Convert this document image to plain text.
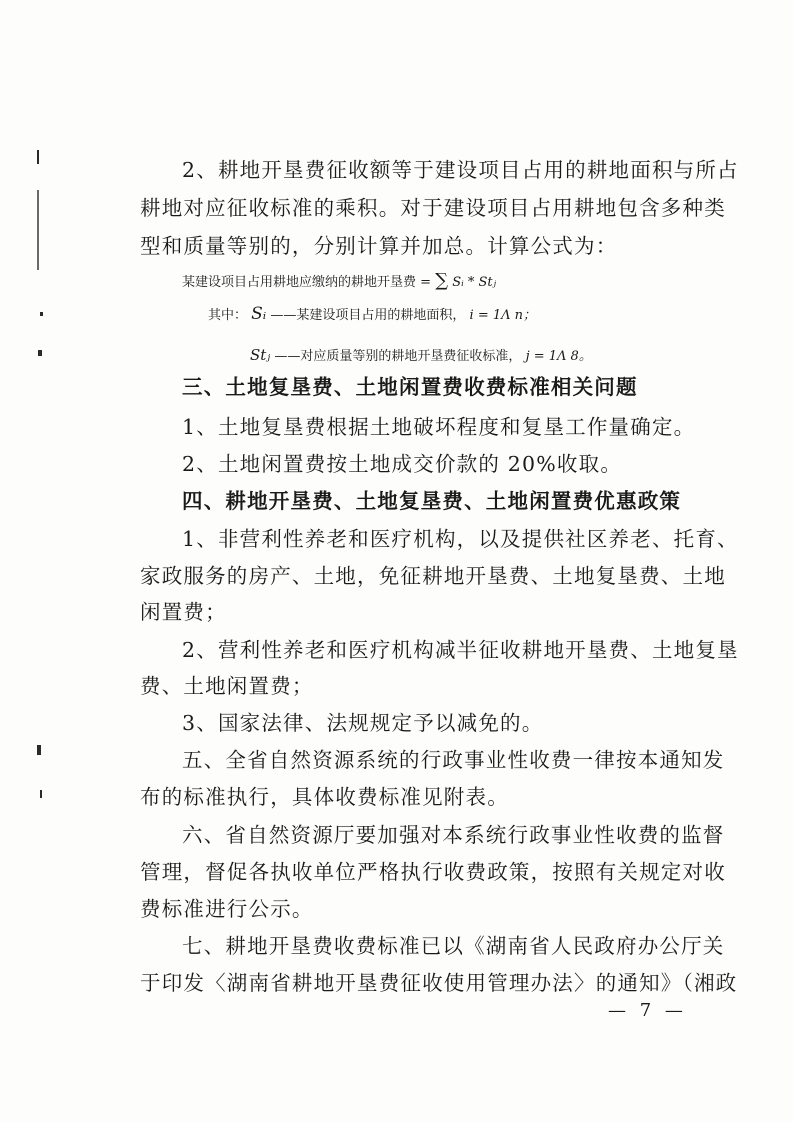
2、耕地开垦费征收额等于建设项目占用的耕地面积与所占
耕地对应征收标准的乘积。对于建设项目占用耕地包含多种类
型和质量等别的，分别计算并加总。计算公式为：
某建设项目占用耕地应缴纳的耕地开垦费 = ∑ Sᵢ * Stⱼ
其中： Sᵢ ——某建设项目占用的耕地面积， i = 1Λ n；
Stⱼ ——对应质量等别的耕地开垦费征收标准， j = 1Λ 8。
三、土地复垦费、土地闲置费收费标准相关问题
1、土地复垦费根据土地破坏程度和复垦工作量确定。
2、土地闲置费按土地成交价款的 20%收取。
四、耕地开垦费、土地复垦费、土地闲置费优惠政策
1、非营利性养老和医疗机构，以及提供社区养老、托育、
家政服务的房产、土地，免征耕地开垦费、土地复垦费、土地
闲置费；
2、营利性养老和医疗机构减半征收耕地开垦费、土地复垦
费、土地闲置费；
3、国家法律、法规规定予以减免的。
五、全省自然资源系统的行政事业性收费一律按本通知发
布的标准执行，具体收费标准见附表。
六、省自然资源厅要加强对本系统行政事业性收费的监督
管理，督促各执收单位严格执行收费政策，按照有关规定对收
费标准进行公示。
七、耕地开垦费收费标准已以《湖南省人民政府办公厅关
于印发〈湖南省耕地开垦费征收使用管理办法〉的通知》（湘政
— 7 —
